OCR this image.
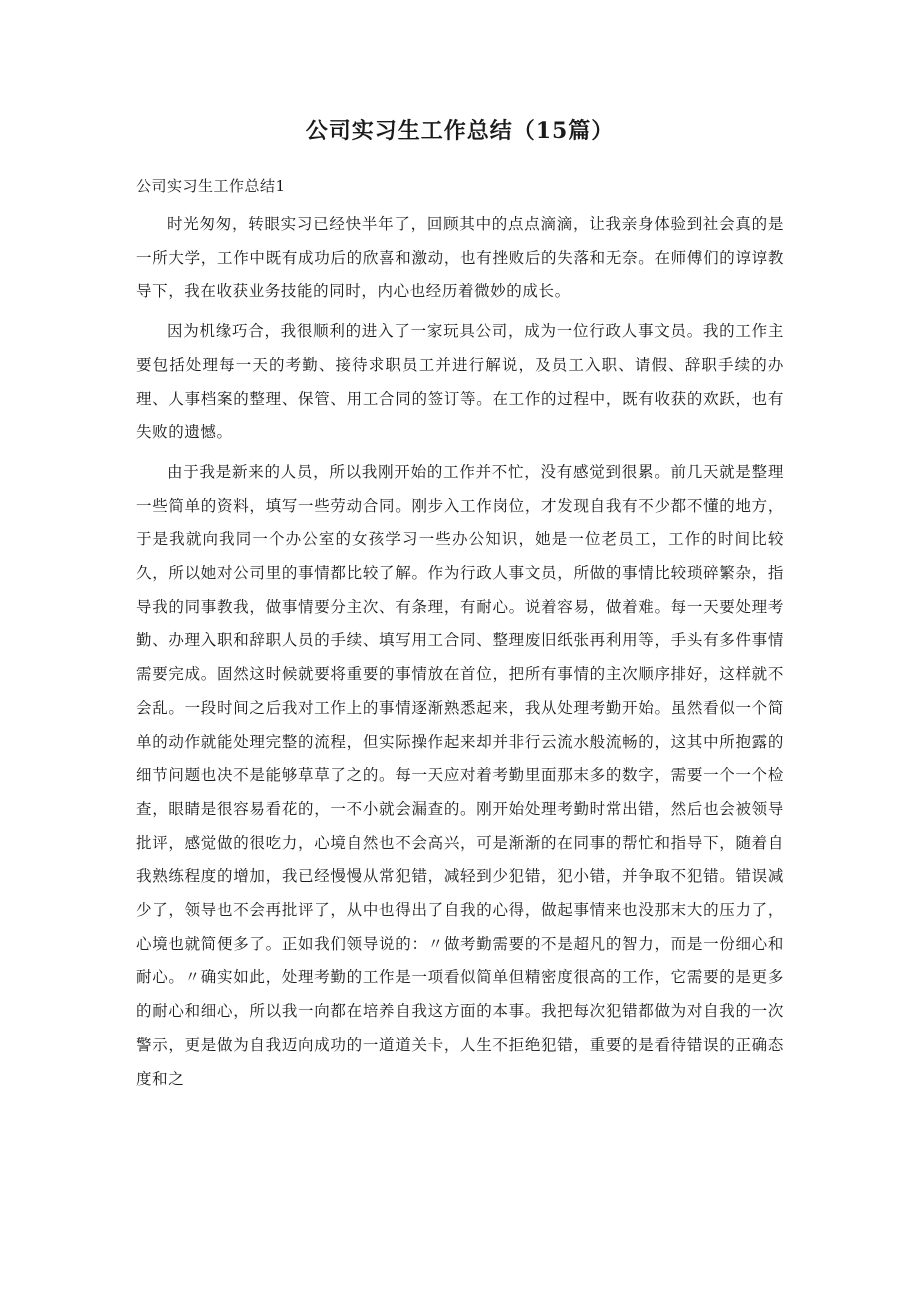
公司实习生工作总结（15篇）
公司实习生工作总结1

时光匆匆，转眼实习已经快半年了，回顾其中的点点滴滴，让我亲身体验到社会真的是一所大学，工作中既有成功后的欣喜和激动，也有挫败后的失落和无奈。在师傅们的谆谆教导下，我在收获业务技能的同时，内心也经历着微妙的成长。

因为机缘巧合，我很顺利的进入了一家玩具公司，成为一位行政人事文员。我的工作主要包括处理每一天的考勤、接待求职员工并进行解说，及员工入职、请假、辞职手续的办理、人事档案的整理、保管、用工合同的签订等。在工作的过程中，既有收获的欢跃，也有失败的遗憾。

由于我是新来的人员，所以我刚开始的工作并不忙，没有感觉到很累。前几天就是整理一些简单的资料，填写一些劳动合同。刚步入工作岗位，才发现自我有不少都不懂的地方，于是我就向我同一个办公室的女孩学习一些办公知识，她是一位老员工，工作的时间比较久，所以她对公司里的事情都比较了解。作为行政人事文员，所做的事情比较琐碎繁杂，指导我的同事教我，做事情要分主次、有条理，有耐心。说着容易，做着难。每一天要处理考勤、办理入职和辞职人员的手续、填写用工合同、整理废旧纸张再利用等，手头有多件事情需要完成。固然这时候就要将重要的事情放在首位，把所有事情的主次顺序排好，这样就不会乱。一段时间之后我对工作上的事情逐渐熟悉起来，我从处理考勤开始。虽然看似一个简单的动作就能处理完整的流程，但实际操作起来却并非行云流水般流畅的，这其中所抱露的细节问题也决不是能够草草了之的。每一天应对着考勤里面那末多的数字，需要一个一个检查，眼睛是很容易看花的，一不小就会漏查的。刚开始处理考勤时常出错，然后也会被领导批评，感觉做的很吃力，心境自然也不会高兴，可是渐渐的在同事的帮忙和指导下，随着自我熟练程度的增加，我已经慢慢从常犯错，减轻到少犯错，犯小错，并争取不犯错。错误减少了，领导也不会再批评了，从中也得出了自我的心得，做起事情来也没那末大的压力了，心境也就简便多了。正如我们领导说的：〃做考勤需要的不是超凡的智力，而是一份细心和耐心。〃确实如此，处理考勤的工作是一项看似简单但精密度很高的工作，它需要的是更多的耐心和细心，所以我一向都在培养自我这方面的本事。我把每次犯错都做为对自我的一次警示，更是做为自我迈向成功的一道道关卡，人生不拒绝犯错，重要的是看待错误的正确态度和之
